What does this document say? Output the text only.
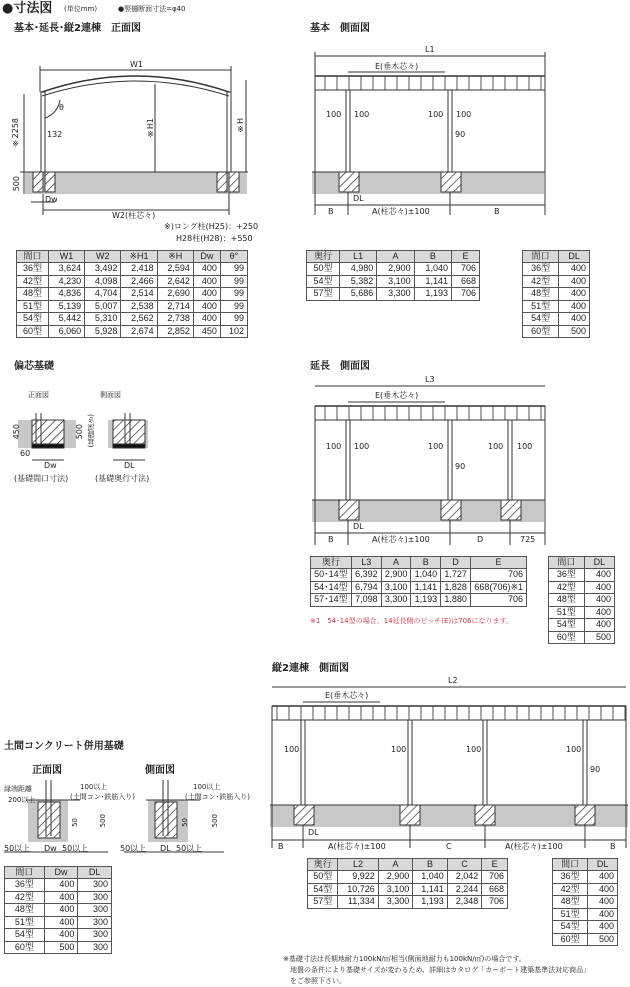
●寸法図 (単位mm)	●竪樋断面寸法=φ40
基本･延長･縦2連棟　正面図
W1
※2258	132
θ
※H1	※H
500
Dw
W2(柱芯々)
※)ロング柱(H25)：+250
H28柱(H28)：+550
間口	W1	W2	※H1	※H	Dw	θ°
36型	3,624	3,492	2,418	2,594	400	99
42型	4,230	4,098	2,466	2,642	400	99
48型	4,836	4,704	2,514	2,690	400	99
51型	5,139	5,007	2,538	2,714	400	99
54型	5,442	5,310	2,562	2,738	400	99
60型	6,060	5,928	2,674	2,852	450	102
基本　側面図
L1
E(垂木芯々)
100 100	100 100
90
DL
B	A(柱芯々)±100	B
奥行	L1	A	B	E
50型	4,980	2,900	1,040	706
54型	5,382	3,100	1,141	668
57型	5,686	3,300	1,193	706
間口	DL
36型	400
42型	400
48型	400
51型	400
54型	400
60型	500
偏芯基礎
正面図	側面図
450
60
500 (基礎深さ)
Dw	DL
(基礎間口寸法)	(基礎奥行寸法)
延長　側面図
L3
E(垂木芯々)
100 100	100	100 100
90
DL
B	A(柱芯々)±100	D	725
奥行	L3	A	B	D	E
50･14型	6,392	2,900	1,040	1,727	706
54･14型	6,794	3,100	1,141	1,828	668(706)※1
57･14型	7,098	3,300	1,193	1,880	706
※1　54･14型の場合、14延長側のピッチ(E)は706になります。
間口	DL
36型	400
42型	400
48型	400
51型	400
54型	400
60型	500
土間コンクリート併用基礎
正面図	側面図
縁端距離
200以上
100以上
(土間コン･鉄筋入り)
100以上
(土間コン･鉄筋入り)
50	500	50	500
50以上 Dw 50以上	50以上 DL 50以上
間口	Dw	DL
36型	400	300
42型	400	300
48型	400	300
51型	400	300
54型	400	300
60型	500	300
縦2連棟　側面図
L2
E(垂木芯々)
100	100	100	100
90
DL
B	A(柱芯々)±100	C	A(柱芯々)±100	B
奥行	L2	A	B	C	E
50型	9,922	2,900	1,040	2,042	706
54型	10,726	3,100	1,141	2,244	668
57型	11,334	3,300	1,193	2,348	706
間口	DL
36型	400
42型	400
48型	400
51型	400
54型	400
60型	500
※基礎寸法は長期地耐力100kN/㎡相当(側面地耐力も100kN/㎡)の場合です。
地盤の条件により基礎サイズが変わるため、詳細はカタログ「カーポート建築基準法対応商品」
をご参照下さい。
